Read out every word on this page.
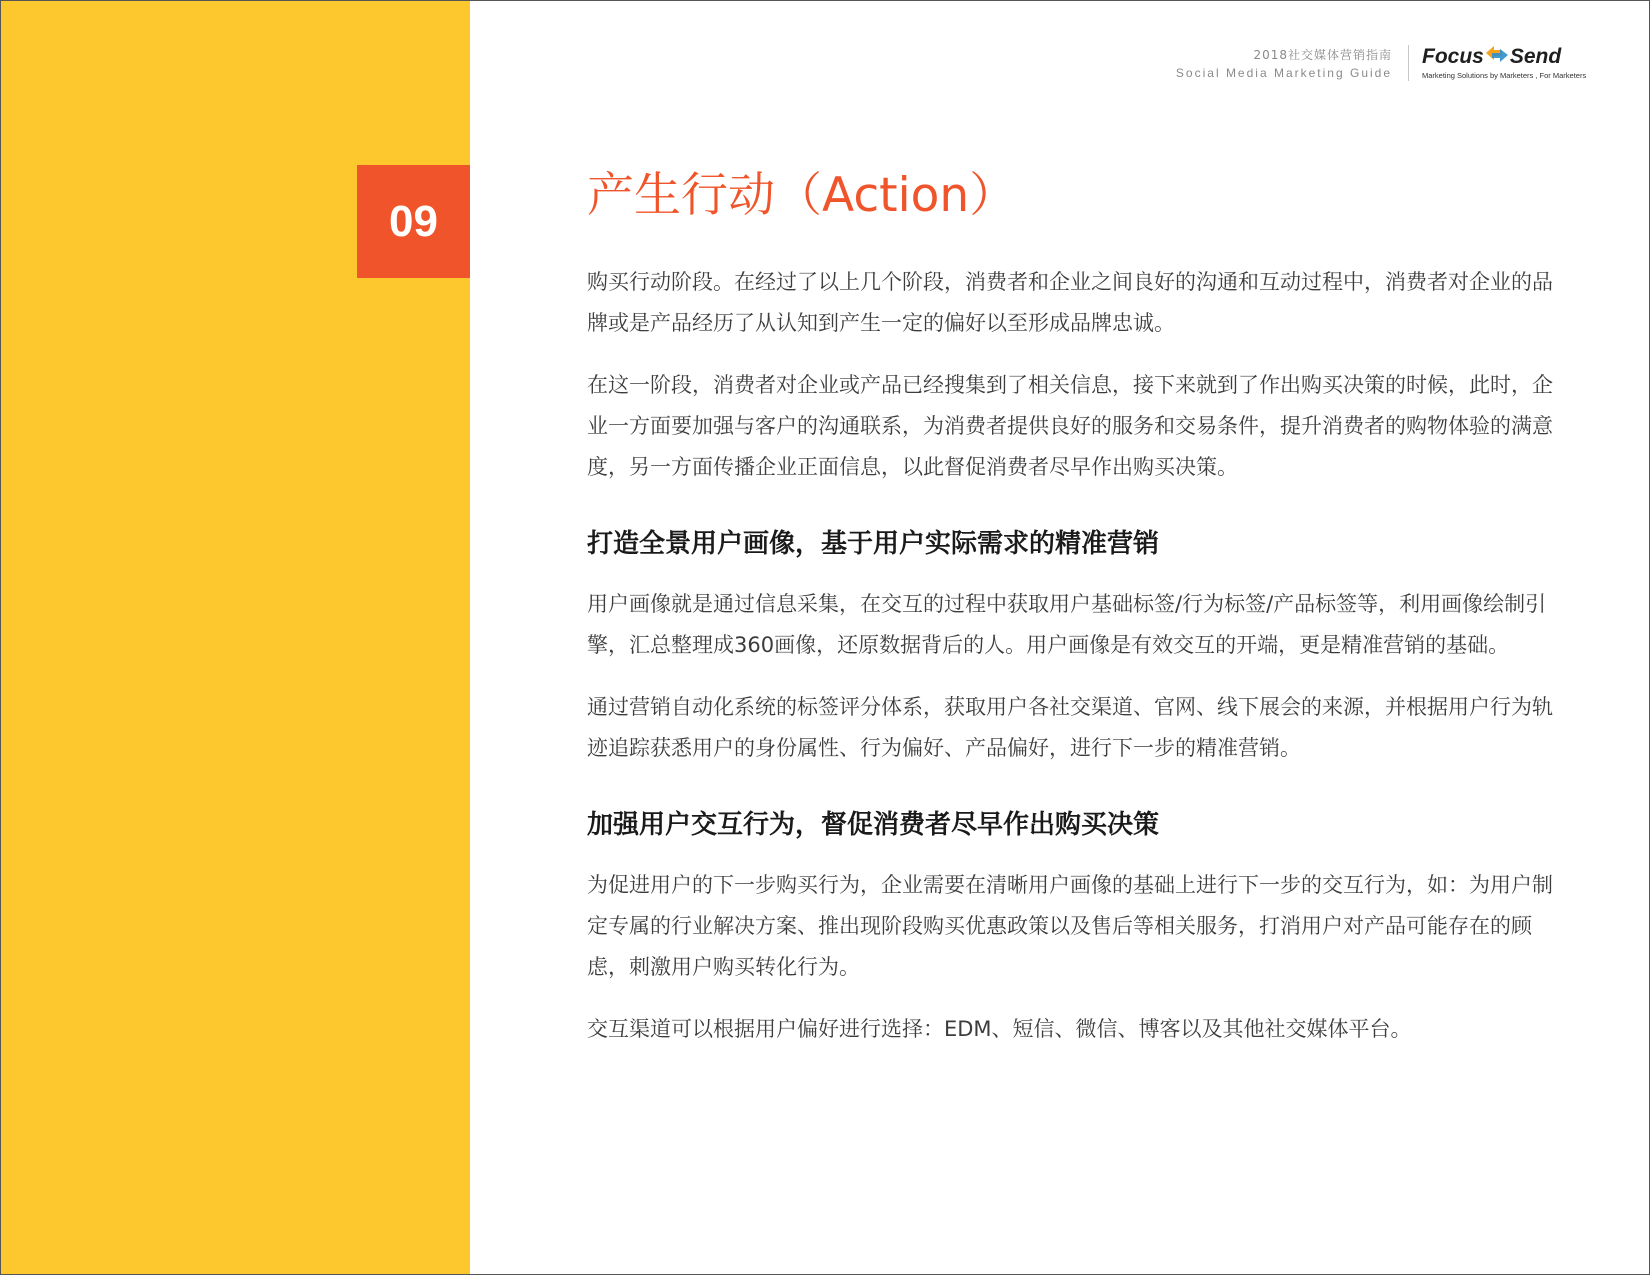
09
2018社交媒体营销指南
Social Media Marketing Guide
Focus Send
Marketing Solutions by Marketers , For Marketers
产生行动（Action）

购买行动阶段。在经过了以上几个阶段，消费者和企业之间良好的沟通和互动过程中，消费者对企业的品牌或是产品经历了从认知到产生一定的偏好以至形成品牌忠诚。

在这一阶段，消费者对企业或产品已经搜集到了相关信息，接下来就到了作出购买决策的时候，此时，企业一方面要加强与客户的沟通联系，为消费者提供良好的服务和交易条件，提升消费者的购物体验的满意度，另一方面传播企业正面信息，以此督促消费者尽早作出购买决策。

打造全景用户画像，基于用户实际需求的精准营销

用户画像就是通过信息采集，在交互的过程中获取用户基础标签/行为标签/产品标签等，利用画像绘制引擎，汇总整理成360画像，还原数据背后的人。用户画像是有效交互的开端，更是精准营销的基础。

通过营销自动化系统的标签评分体系，获取用户各社交渠道、官网、线下展会的来源，并根据用户行为轨迹追踪获悉用户的身份属性、行为偏好、产品偏好，进行下一步的精准营销。

加强用户交互行为，督促消费者尽早作出购买决策

为促进用户的下一步购买行为，企业需要在清晰用户画像的基础上进行下一步的交互行为，如：为用户制定专属的行业解决方案、推出现阶段购买优惠政策以及售后等相关服务，打消用户对产品可能存在的顾虑，刺激用户购买转化行为。

交互渠道可以根据用户偏好进行选择：EDM、短信、微信、博客以及其他社交媒体平台。
